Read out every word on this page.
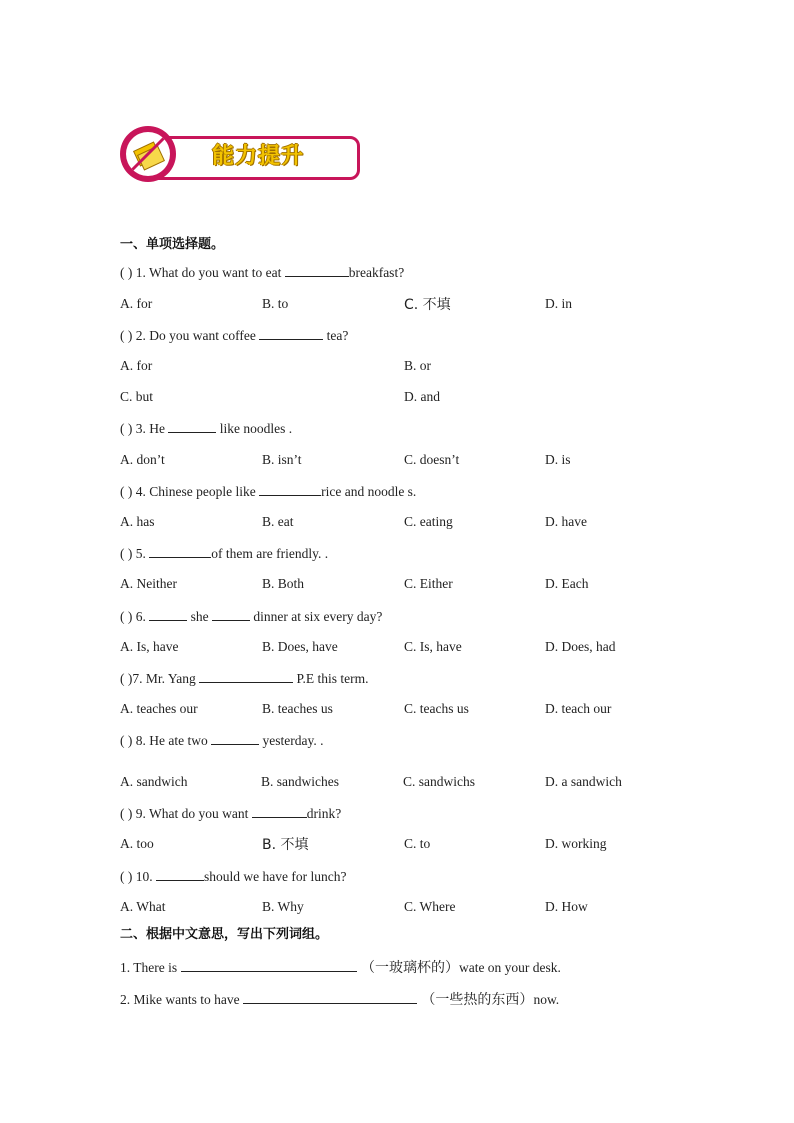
能力提升
一、单项选择题。
( ) 1. What do you want to eat	breakfast?
A. for	B. to	C. 不填	D. in
( ) 2. Do you want coffee	tea?
A. for	B. or
C. but	D. and
( ) 3. He	like noodles .
A. don’t	B. isn’t	C. doesn’t	D. is
( ) 4. Chinese people like	rice and noodle s.
A. has	B. eat	C. eating	D. have
( ) 5.	of them are friendly. .
A. Neither	B. Both	C. Either	D. Each
( ) 6.	she	dinner at six every day?
A. Is, have	B. Does, have	C. Is, have	D. Does, had
( )7. Mr. Yang	P.E this term.
A. teaches our	B. teaches us	C. teachs us	D. teach our
( ) 8. He ate two	yesterday. .
A. sandwich	B. sandwiches	C. sandwichs	D. a sandwich
( ) 9. What do you want	drink?
A. too	B. 不填	C. to	D. working
( ) 10.	should we have for lunch?
A. What	B. Why	C. Where	D. How
二、根据中文意思，写出下列词组。
1. There is	（一玻璃杯的）wate on your desk.
2. Mike wants to have	（一些热的东西）now.
